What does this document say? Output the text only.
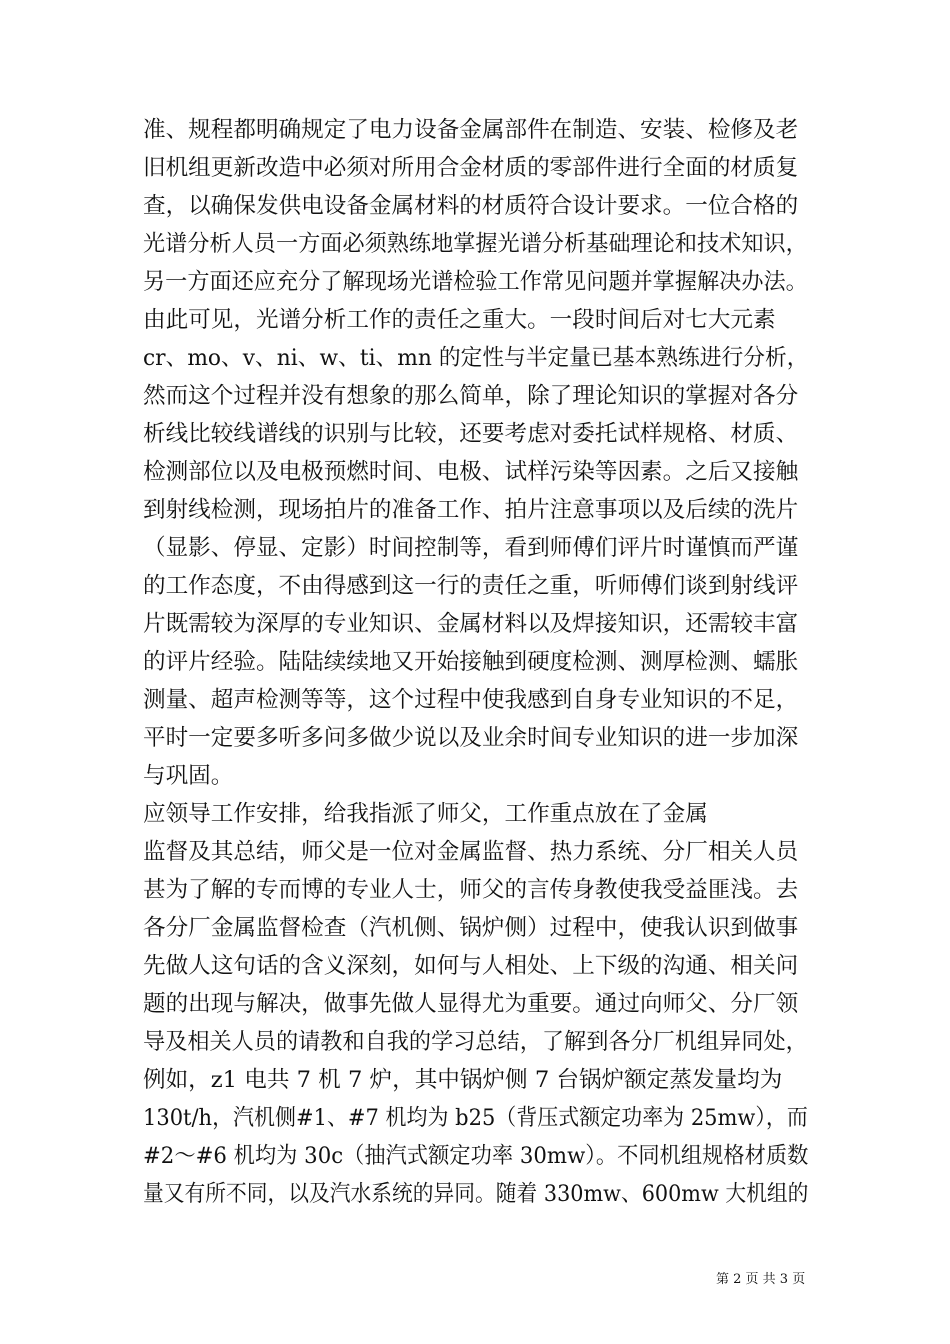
准、规程都明确规定了电力设备金属部件在制造、安装、检修及老
旧机组更新改造中必须对所用合金材质的零部件进行全面的材质复
查，以确保发供电设备金属材料的材质符合设计要求。一位合格的
光谱分析人员一方面必须熟练地掌握光谱分析基础理论和技术知识，
另一方面还应充分了解现场光谱检验工作常见问题并掌握解决办法。
由此可见，光谱分析工作的责任之重大。一段时间后对七大元素
cr、mo、v、ni、w、ti、mn 的定性与半定量已基本熟练进行分析，
然而这个过程并没有想象的那么简单，除了理论知识的掌握对各分
析线比较线谱线的识别与比较，还要考虑对委托试样规格、材质、
检测部位以及电极预燃时间、电极、试样污染等因素。之后又接触
到射线检测，现场拍片的准备工作、拍片注意事项以及后续的洗片
（显影、停显、定影）时间控制等，看到师傅们评片时谨慎而严谨
的工作态度，不由得感到这一行的责任之重，听师傅们谈到射线评
片既需较为深厚的专业知识、金属材料以及焊接知识，还需较丰富
的评片经验。陆陆续续地又开始接触到硬度检测、测厚检测、蠕胀
测量、超声检测等等，这个过程中使我感到自身专业知识的不足，
平时一定要多听多问多做少说以及业余时间专业知识的进一步加深
与巩固。
应领导工作安排，给我指派了师父，工作重点放在了金属
监督及其总结，师父是一位对金属监督、热力系统、分厂相关人员
甚为了解的专而博的专业人士，师父的言传身教使我受益匪浅。去
各分厂金属监督检查（汽机侧、锅炉侧）过程中，使我认识到做事
先做人这句话的含义深刻，如何与人相处、上下级的沟通、相关问
题的出现与解决，做事先做人显得尤为重要。通过向师父、分厂领
导及相关人员的请教和自我的学习总结，了解到各分厂机组异同处，
例如，z1 电共 7 机 7 炉，其中锅炉侧 7 台锅炉额定蒸发量均为
130t/h，汽机侧#1、#7 机均为 b25（背压式额定功率为 25mw），而
#2～#6 机均为 30c（抽汽式额定功率 30mw）。不同机组规格材质数
量又有所不同，以及汽水系统的异同。随着 330mw、600mw 大机组的
第 2 页 共 3 页
